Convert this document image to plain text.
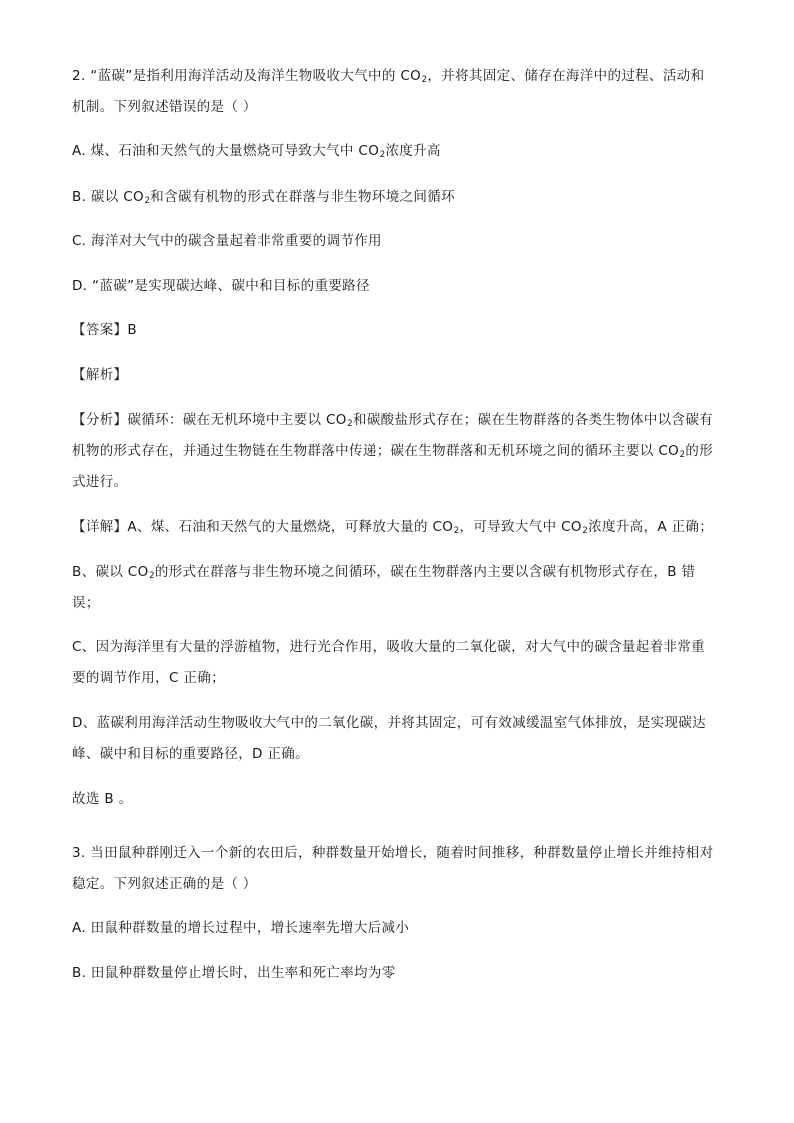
2. “蓝碳”是指利用海洋活动及海洋生物吸收大气中的 $CO_2$，并将其固定、储存在海洋中的过程、活动和
机制。下列叙述错误的是（ ）
A. 煤、石油和天然气的大量燃烧可导致大气中 $CO_2$浓度升高
B. 碳以 $CO_2$和含碳有机物的形式在群落与非生物环境之间循环
C. 海洋对大气中的碳含量起着非常重要的调节作用
D. “蓝碳”是实现碳达峰、碳中和目标的重要路径
【答案】B
【解析】
【分析】碳循环：碳在无机环境中主要以 $CO_2$和碳酸盐形式存在；碳在生物群落的各类生物体中以含碳有
机物的形式存在，并通过生物链在生物群落中传递；碳在生物群落和无机环境之间的循环主要以 $CO_2$的形
式进行。
【详解】A、煤、石油和天然气的大量燃烧，可释放大量的 $CO_2$，可导致大气中 $CO_2$浓度升高，A 正确；
B、碳以 $CO_2$的形式在群落与非生物环境之间循环，碳在生物群落内主要以含碳有机物形式存在，B 错
误；
C、因为海洋里有大量的浮游植物，进行光合作用，吸收大量的二氧化碳，对大气中的碳含量起着非常重
要的调节作用，C 正确；
D、蓝碳利用海洋活动生物吸收大气中的二氧化碳，并将其固定，可有效减缓温室气体排放，是实现碳达
峰、碳中和目标的重要路径，D 正确。
故选 B 。
3. 当田鼠种群刚迁入一个新的农田后，种群数量开始增长，随着时间推移，种群数量停止增长并维持相对
稳定。下列叙述正确的是（ ）
A. 田鼠种群数量的增长过程中，增长速率先增大后减小
B. 田鼠种群数量停止增长时，出生率和死亡率均为零
